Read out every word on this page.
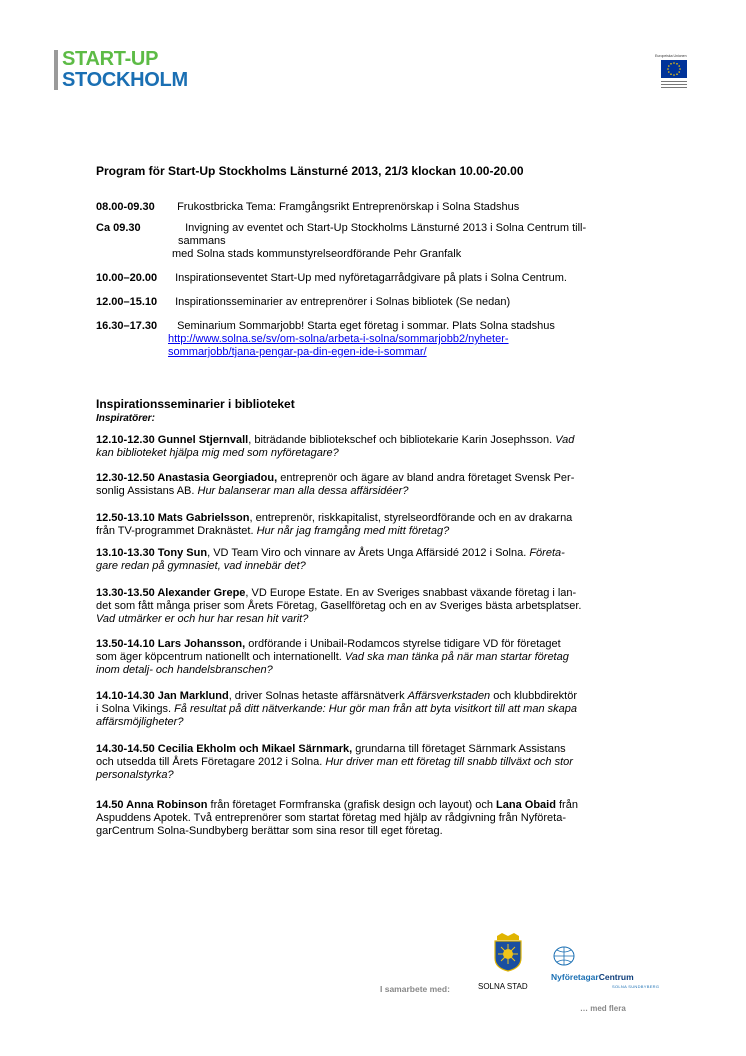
START-UP
STOCKHOLM
Europeiska Unionen
Program för Start-Up Stockholms Länsturné 2013, 21/3 klockan 10.00-20.00
08.00-09.30 Frukostbricka Tema: Framgångsrikt Entreprenörskap i Solna Stadshus
Ca 09.30	Invigning av eventet och Start-Up Stockholms Länsturné 2013 i Solna Centrum till-
sammans
med Solna stads kommunstyrelseordförande Pehr Granfalk
10.00–20.00 Inspirationseventet Start-Up med nyföretagarrådgivare på plats i Solna Centrum.
12.00–15.10 Inspirationsseminarier av entreprenörer i Solnas bibliotek (Se nedan)
16.30–17.30 Seminarium Sommarjobb! Starta eget företag i sommar. Plats Solna stadshus
http://www.solna.se/sv/om-solna/arbeta-i-solna/sommarjobb2/nyheter-
sommarjobb/tjana-pengar-pa-din-egen-ide-i-sommar/
Inspirationsseminarier i biblioteket
Inspiratörer:
12.10-12.30 Gunnel Stjernvall, biträdande bibliotekschef och bibliotekarie Karin Josephsson. Vad
kan biblioteket hjälpa mig med som nyföretagare?
12.30-12.50 Anastasia Georgiadou, entreprenör och ägare av bland andra företaget Svensk Per-
sonlig Assistans AB. Hur balanserar man alla dessa affärsidéer?
12.50-13.10 Mats Gabrielsson, entreprenör, riskkapitalist, styrelseordförande och en av drakarna
från TV-programmet Draknästet. Hur når jag framgång med mitt företag?
13.10-13.30 Tony Sun, VD Team Viro och vinnare av Årets Unga Affärsidé 2012 i Solna. Företa-
gare redan på gymnasiet, vad innebär det?
13.30-13.50 Alexander Grepe, VD Europe Estate. En av Sveriges snabbast växande företag i lan-
det som fått många priser som Årets Företag, Gasellföretag och en av Sveriges bästa arbetsplatser.
Vad utmärker er och hur har resan hit varit?
13.50-14.10 Lars Johansson, ordförande i Unibail-Rodamcos styrelse tidigare VD för företaget
som äger köpcentrum nationellt och internationellt. Vad ska man tänka på när man startar företag
inom detalj- och handelsbranschen?
14.10-14.30 Jan Marklund, driver Solnas hetaste affärsnätverk Affärsverkstaden och klubbdirektör
i Solna Vikings. Få resultat på ditt nätverkande: Hur gör man från att byta visitkort till att man skapa
affärsmöjligheter?
14.30-14.50 Cecilia Ekholm och Mikael Särnmark, grundarna till företaget Särnmark Assistans
och utsedda till Årets Företagare 2012 i Solna. Hur driver man ett företag till snabb tillväxt och stor
personalstyrka?
14.50 Anna Robinson från företaget Formfranska (grafisk design och layout) och Lana Obaid från
Aspuddens Apotek. Två entreprenörer som startat företag med hjälp av rådgivning från Nyföreta-
garCentrum Solna-Sundbyberg berättar som sina resor till eget företag.
I samarbete med:	SOLNA STAD
NyföretagarCentrum
SOLNA SUNDBYBERG
… med flera
